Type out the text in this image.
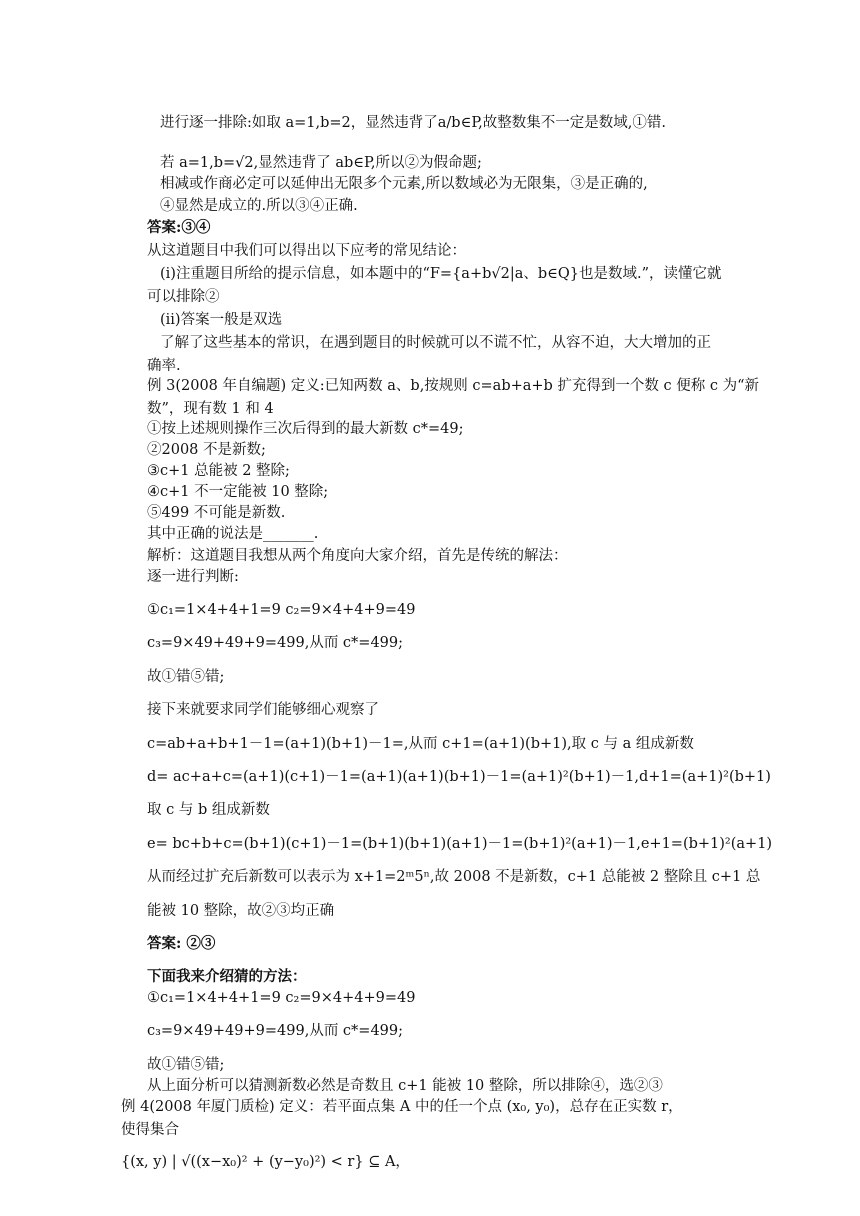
进行逐一排除:如取 a=1,b=2，显然违背了a/b∈P,故整数集不一定是数域,①错.
若 a=1,b=√2,显然违背了 ab∈P,所以②为假命题;
相减或作商必定可以延伸出无限多个元素,所以数域必为无限集，③是正确的,
④显然是成立的.所以③④正确.
答案:③④
从这道题目中我们可以得出以下应考的常见结论：
(i)注重题目所给的提示信息，如本题中的“F={a+b√2|a、b∈Q}也是数域.”，读懂它就
可以排除②
(ii)答案一般是双选
了解了这些基本的常识，在遇到题目的时候就可以不谎不忙，从容不迫，大大增加的正
确率.
例 3(2008 年自编题) 定义:已知两数 a、b,按规则 c=ab+a+b 扩充得到一个数 c 便称 c 为“新
数”，现有数 1 和 4
①按上述规则操作三次后得到的最大新数 c*=49;
②2008 不是新数;
③c+1 总能被 2 整除;
④c+1 不一定能被 10 整除;
⑤499 不可能是新数.
其中正确的说法是_______.
解析：这道题目我想从两个角度向大家介绍，首先是传统的解法：
逐一进行判断:
①c₁=1×4+4+1=9 c₂=9×4+4+9=49
c₃=9×49+49+9=499,从而 c*=499;
故①错⑤错;
接下来就要求同学们能够细心观察了
c=ab+a+b+1－1=(a+1)(b+1)－1=,从而 c+1=(a+1)(b+1),取 c 与 a 组成新数
d= ac+a+c=(a+1)(c+1)－1=(a+1)(a+1)(b+1)－1=(a+1)²(b+1)－1,d+1=(a+1)²(b+1)
取 c 与 b 组成新数
e= bc+b+c=(b+1)(c+1)－1=(b+1)(b+1)(a+1)－1=(b+1)²(a+1)－1,e+1=(b+1)²(a+1)
从而经过扩充后新数可以表示为 x+1=2ᵐ5ⁿ,故 2008 不是新数，c+1 总能被 2 整除且 c+1 总
能被 10 整除，故②③均正确
答案: ②③
下面我来介绍猜的方法：
①c₁=1×4+4+1=9 c₂=9×4+4+9=49
c₃=9×49+49+9=499,从而 c*=499;
故①错⑤错;
从上面分析可以猜测新数必然是奇数且 c+1 能被 10 整除，所以排除④，选②③
例 4(2008 年厦门质检) 定义：若平面点集 A 中的任一个点 (x₀, y₀)，总存在正实数 r，
使得集合
{(x, y) | √((x−x₀)² + (y−y₀)²) < r} ⊆ A，
